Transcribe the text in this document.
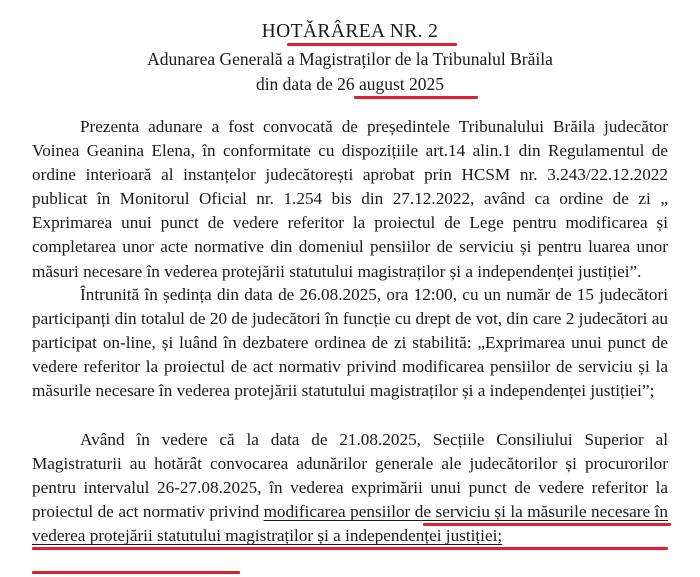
HOTĂRÂREA NR. 2
Adunarea Generală a Magistraților de la Tribunalul Brăila
din data de 26 august 2025
Prezenta adunare a fost convocată de președintele Tribunalului Brăila judecător Voinea Geanina Elena, în conformitate cu dispozițiile art.14 alin.1 din Regulamentul de ordine interioară al instanțelor judecătorești aprobat prin HCSM nr. 3.243/22.12.2022 publicat în Monitorul Oficial nr. 1.254 bis din 27.12.2022, având ca ordine de zi „ Exprimarea unui punct de vedere referitor la proiectul de Lege pentru modificarea și completarea unor acte normative din domeniul pensiilor de serviciu și pentru luarea unor măsuri necesare în vederea protejării statutului magistraților și a independenței justiției”.
Întrunită în ședința din data de 26.08.2025, ora 12:00, cu un număr de 15 judecători participanți din totalul de 20 de judecători în funcție cu drept de vot, din care 2 judecători au participat on-line, și luând în dezbatere ordinea de zi stabilită: „Exprimarea unui punct de vedere referitor la proiectul de act normativ privind modificarea pensiilor de serviciu și la măsurile necesare în vederea protejării statutului magistraților și a independenței justiției”;
Având în vedere că la data de 21.08.2025, Secțiile Consiliului Superior al Magistraturii au hotărât convocarea adunărilor generale ale judecătorilor și procurorilor pentru intervalul 26-27.08.2025, în vederea exprimării unui punct de vedere referitor la proiectul de act normativ privind modificarea pensiilor de serviciu și la măsurile necesare în vederea protejării statutului magistraților și a independenței justiției;
